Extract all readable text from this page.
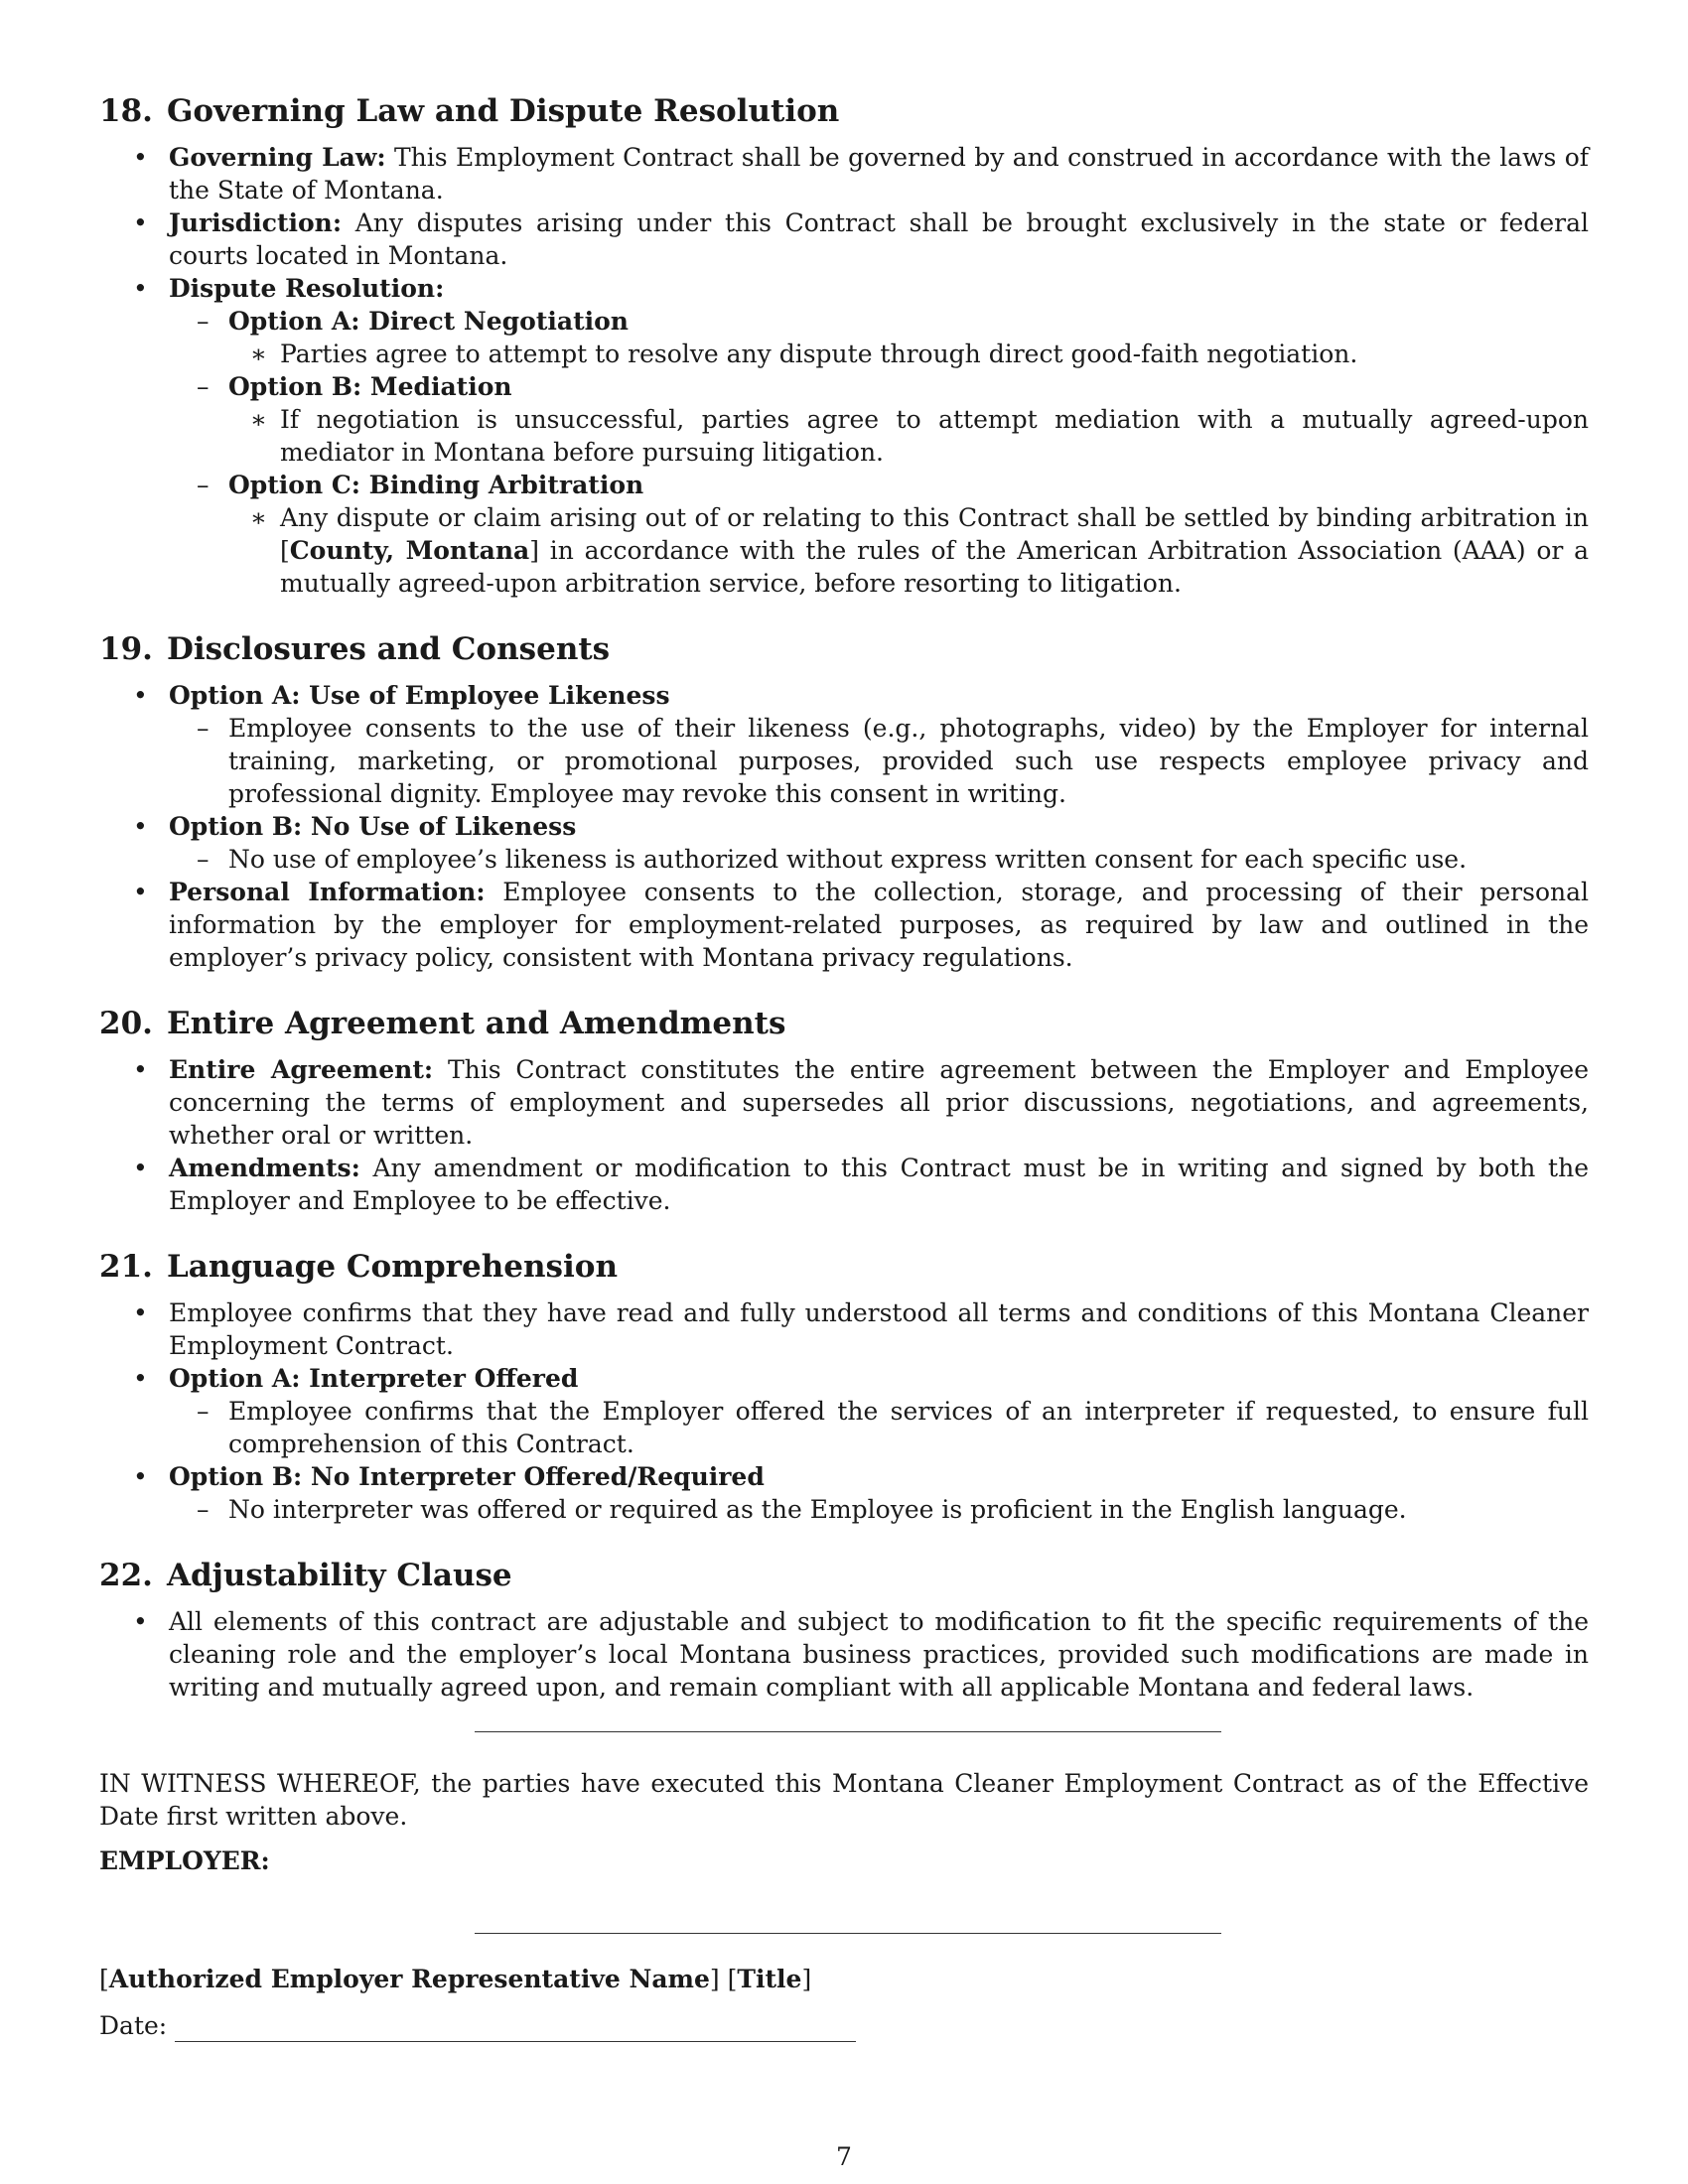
18. Governing Law and Dispute Resolution

• Governing Law: This Employment Contract shall be governed by and construed in accordance with the laws of the State of Montana.

• Jurisdiction: Any disputes arising under this Contract shall be brought exclusively in the state or federal courts located in Montana.

• Dispute Resolution:

– Option A: Direct Negotiation

∗ Parties agree to attempt to resolve any dispute through direct good-faith negotiation.

– Option B: Mediation

∗ If negotiation is unsuccessful, parties agree to attempt mediation with a mutually agreed-upon mediator in Montana before pursuing litigation.

– Option C: Binding Arbitration

∗ Any dispute or claim arising out of or relating to this Contract shall be settled by binding arbitration in [County, Montana] in accordance with the rules of the American Arbitration Association (AAA) or a mutually agreed-upon arbitration service, before resorting to litigation.

19. Disclosures and Consents

• Option A: Use of Employee Likeness

– Employee consents to the use of their likeness (e.g., photographs, video) by the Employer for internal training, marketing, or promotional purposes, provided such use respects employee privacy and professional dignity. Employee may revoke this consent in writing.

• Option B: No Use of Likeness

– No use of employee’s likeness is authorized without express written consent for each specific use.

• Personal Information: Employee consents to the collection, storage, and processing of their personal information by the employer for employment-related purposes, as required by law and outlined in the employer’s privacy policy, consistent with Montana privacy regulations.

20. Entire Agreement and Amendments

• Entire Agreement: This Contract constitutes the entire agreement between the Employer and Employee concerning the terms of employment and supersedes all prior discussions, negotiations, and agreements, whether oral or written.

• Amendments: Any amendment or modification to this Contract must be in writing and signed by both the Employer and Employee to be effective.

21. Language Comprehension

• Employee confirms that they have read and fully understood all terms and conditions of this Montana Cleaner Employment Contract.

• Option A: Interpreter Offered

– Employee confirms that the Employer offered the services of an interpreter if requested, to ensure full comprehension of this Contract.

• Option B: No Interpreter Offered/Required

– No interpreter was offered or required as the Employee is proficient in the English language.

22. Adjustability Clause

• All elements of this contract are adjustable and subject to modification to fit the specific requirements of the cleaning role and the employer’s local Montana business practices, provided such modifications are made in writing and mutually agreed upon, and remain compliant with all applicable Montana and federal laws.

IN WITNESS WHEREOF, the parties have executed this Montana Cleaner Employment Contract as of the Effective Date first written above.

EMPLOYER:

[Authorized Employer Representative Name] [Title]

Date:
7
